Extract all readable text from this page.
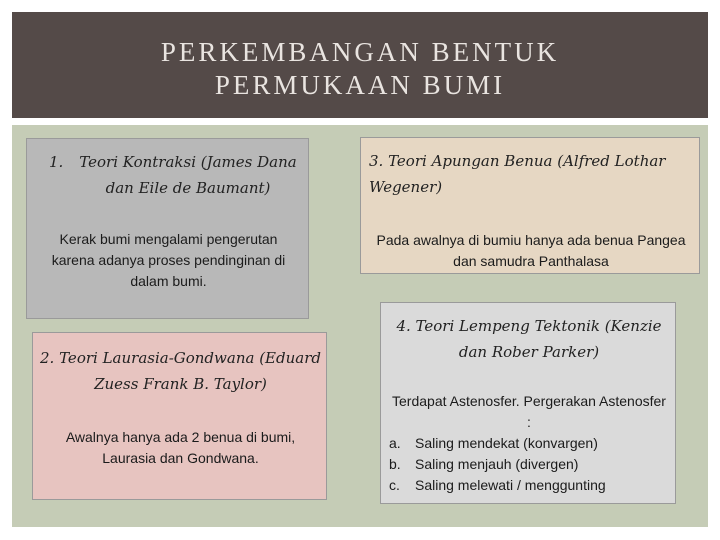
PERKEMBANGAN BENTUK
PERMUKAAN BUMI
1.	Teori Kontraksi (James Dana dan Eile de Baumant)
Kerak bumi mengalami pengerutan karena adanya proses pendinginan di dalam bumi.
2. Teori Laurasia-Gondwana (Eduard Zuess Frank B. Taylor)
Awalnya hanya ada 2 benua di bumi, Laurasia dan Gondwana.
3. Teori Apungan Benua (Alfred Lothar Wegener)
Pada awalnya di bumiu hanya ada benua Pangea dan samudra Panthalasa
4. Teori Lempeng Tektonik (Kenzie dan Rober Parker)
Terdapat Astenosfer. Pergerakan Astenosfer :
a. Saling mendekat (konvargen)
b. Saling menjauh (divergen)
c. Saling melewati / menggunting
